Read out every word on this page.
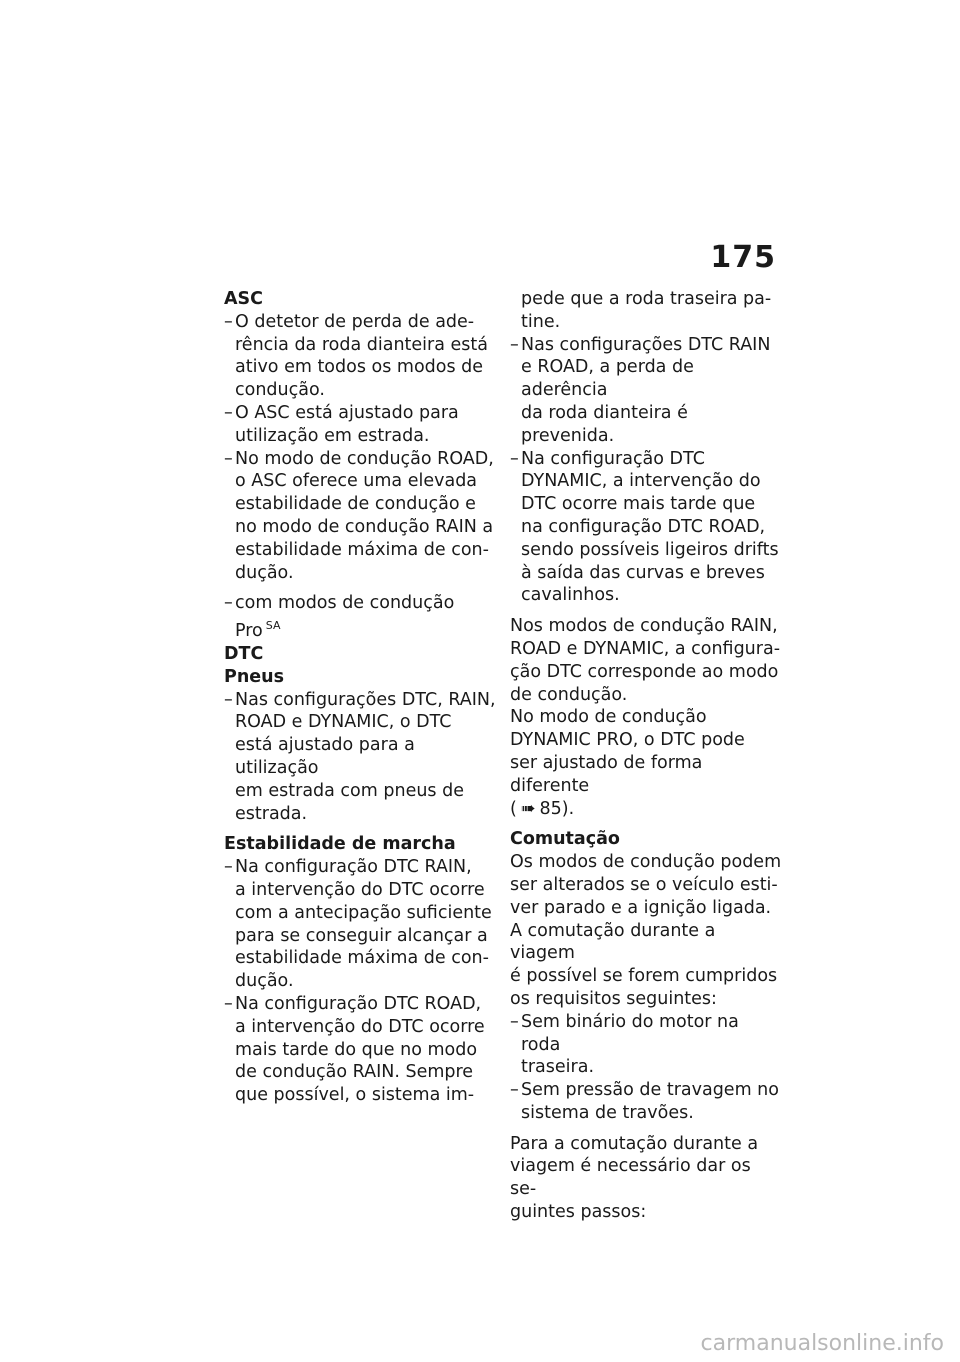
175

ASC

– O detetor de perda de ade-
rência da roda dianteira está
ativo em todos os modos de
condução.
– O ASC está ajustado para
utilização em estrada.
– No modo de condução ROAD,
o ASC oferece uma elevada
estabilidade de condução e
no modo de condução RAIN a
estabilidade máxima de con-
dução.
– com modos de condução
Pro $^{SA}$

DTC

Pneus

– Nas configurações DTC, RAIN,
ROAD e DYNAMIC, o DTC
está ajustado para a utilização
em estrada com pneus de
estrada.

Estabilidade de marcha

– Na configuração DTC RAIN,
a intervenção do DTC ocorre
com a antecipação suficiente
para se conseguir alcançar a
estabilidade máxima de con-
dução.
– Na configuração DTC ROAD,
a intervenção do DTC ocorre
mais tarde do que no modo
de condução RAIN. Sempre
que possível, o sistema im-
pede que a roda traseira pa-
tine.
– Nas configurações DTC RAIN
e ROAD, a perda de aderência
da roda dianteira é prevenida.
– Na configuração DTC
DYNAMIC, a intervenção do
DTC ocorre mais tarde que
na configuração DTC ROAD,
sendo possíveis ligeiros drifts
à saída das curvas e breves
cavalinhos.
Nos modos de condução RAIN,
ROAD e DYNAMIC, a configura-
ção DTC corresponde ao modo
de condução.
No modo de condução
DYNAMIC PRO, o DTC pode
ser ajustado de forma diferente

( ➠ 85).

Comutação

Os modos de condução podem
ser alterados se o veículo esti-
ver parado e a ignição ligada.
A comutação durante a viagem
é possível se forem cumpridos
os requisitos seguintes:
– Sem binário do motor na roda
traseira.
– Sem pressão de travagem no
sistema de travões.
Para a comutação durante a
viagem é necessário dar os se-
guintes passos:
carmanualsonline.info
